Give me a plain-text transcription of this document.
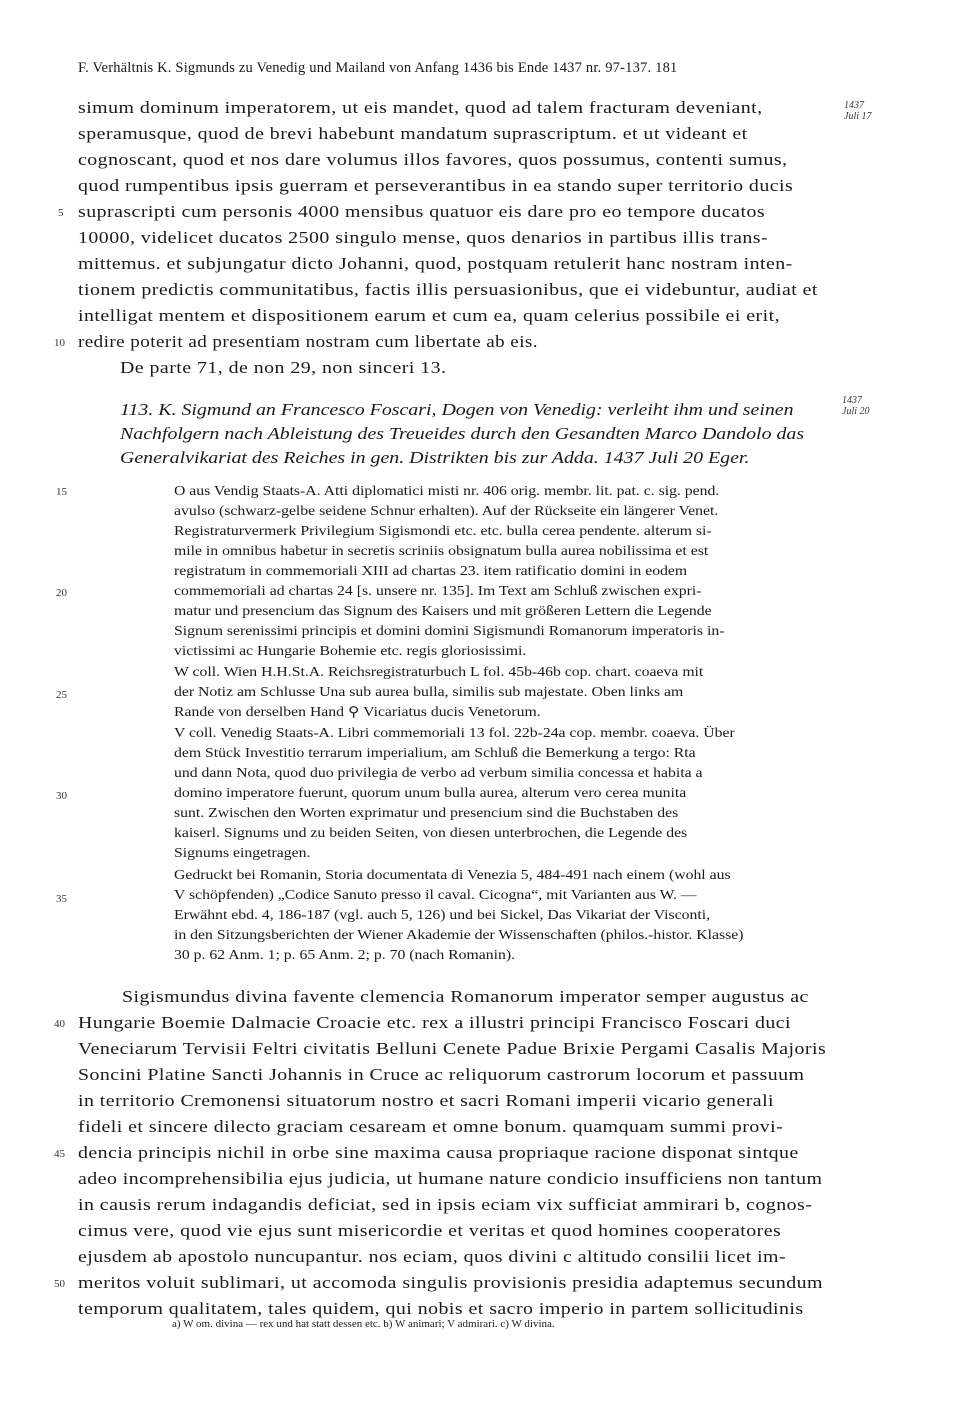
F. Verhältnis K. Sigmunds zu Venedig und Mailand von Anfang 1436 bis Ende 1437 nr. 97-137. 181
simum dominum imperatorem, ut eis mandet, quod ad talem fracturam deveniant,
speramusque, quod de brevi habebunt mandatum suprascriptum. et ut videant et
cognoscant, quod et nos dare volumus illos favores, quos possumus, contenti sumus,
quod rumpentibus ipsis guerram et perseverantibus in ea stando super territorio ducis
suprascripti cum personis 4000 mensibus quatuor eis dare pro eo tempore ducatos
10000, videlicet ducatos 2500 singulo mense, quos denarios in partibus illis trans-
mittemus. et subjungatur dicto Johanni, quod, postquam retulerit hanc nostram inten-
tionem predictis communitatibus, factis illis persuasionibus, que ei videbuntur, audiat et
intelligat mentem et dispositionem earum et cum ea, quam celerius possibile ei erit,
redire poterit ad presentiam nostram cum libertate ab eis.
De parte 71, de non 29, non sinceri 13.
113. K. Sigmund an Francesco Foscari, Dogen von Venedig: verleiht ihm und seinen
Nachfolgern nach Ableistung des Treueides durch den Gesandten Marco Dandolo das
Generalvikariat des Reiches in gen. Distrikten bis zur Adda. 1437 Juli 20 Eger.
O aus Vendig Staats-A. Atti diplomatici misti nr. 406 orig. membr. lit. pat. c. sig. pend.
avulso (schwarz-gelbe seidene Schnur erhalten). Auf der Rückseite ein längerer Venet.
Registraturvermerk Privilegium Sigismondi etc. etc. bulla cerea pendente. alterum si-
mile in omnibus habetur in secretis scriniis obsignatum bulla aurea nobilissima et est
registratum in commemoriali XIII ad chartas 23. item ratificatio domini in eodem
commemoriali ad chartas 24 [s. unsere nr. 135]. Im Text am Schluß zwischen expri-
matur und presencium das Signum des Kaisers und mit größeren Lettern die Legende
Signum serenissimi principis et domini domini Sigismundi Romanorum imperatoris in-
victissimi ac Hungarie Bohemie etc. regis gloriosissimi.
W coll. Wien H.H.St.A. Reichsregistraturbuch L fol. 45b-46b cop. chart. coaeva mit
der Notiz am Schlusse Una sub aurea bulla, similis sub majestate. Oben links am
Rande von derselben Hand ⚲ Vicariatus ducis Venetorum.
V coll. Venedig Staats-A. Libri commemoriali 13 fol. 22b-24a cop. membr. coaeva. Über
dem Stück Investitio terrarum imperialium, am Schluß die Bemerkung a tergo: Rta
und dann Nota, quod duo privilegia de verbo ad verbum similia concessa et habita a
domino imperatore fuerunt, quorum unum bulla aurea, alterum vero cerea munita
sunt. Zwischen den Worten exprimatur und presencium sind die Buchstaben des
kaiserl. Signums und zu beiden Seiten, von diesen unterbrochen, die Legende des
Signums eingetragen.
Gedruckt bei Romanin, Storia documentata di Venezia 5, 484-491 nach einem (wohl aus
V schöpfenden) „Codice Sanuto presso il caval. Cicogna“, mit Varianten aus W. —
Erwähnt ebd. 4, 186-187 (vgl. auch 5, 126) und bei Sickel, Das Vikariat der Visconti,
in den Sitzungsberichten der Wiener Akademie der Wissenschaften (philos.-histor. Klasse)
30 p. 62 Anm. 1; p. 65 Anm. 2; p. 70 (nach Romanin).
Sigismundus divina favente clemencia Romanorum imperator semper augustus ac
Hungarie Boemie Dalmacie Croacie etc. rex a illustri principi Francisco Foscari duci
Veneciarum Tervisii Feltri civitatis Belluni Cenete Padue Brixie Pergami Casalis Majoris
Soncini Platine Sancti Johannis in Cruce ac reliquorum castrorum locorum et passuum
in territorio Cremonensi situatorum nostro et sacri Romani imperii vicario generali
fideli et sincere dilecto graciam cesaream et omne bonum. quamquam summi provi-
dencia principis nichil in orbe sine maxima causa propriaque racione disponat sintque
adeo incomprehensibilia ejus judicia, ut humane nature condicio insufficiens non tantum
in causis rerum indagandis deficiat, sed in ipsis eciam vix sufficiat ammirari b, cognos-
cimus vere, quod vie ejus sunt misericordie et veritas et quod homines cooperatores
ejusdem ab apostolo nuncupantur. nos eciam, quos divini c altitudo consilii licet im-
meritos voluit sublimari, ut accomoda singulis provisionis presidia adaptemus secundum
temporum qualitatem, tales quidem, qui nobis et sacro imperio in partem sollicitudinis
5
10
15
20
25
30
35
40
45
50
1437
Juli 17
1437
Juli 20
a) W om. divina — rex und hat statt dessen etc. b) W animari; V admirari. c) W divina.
